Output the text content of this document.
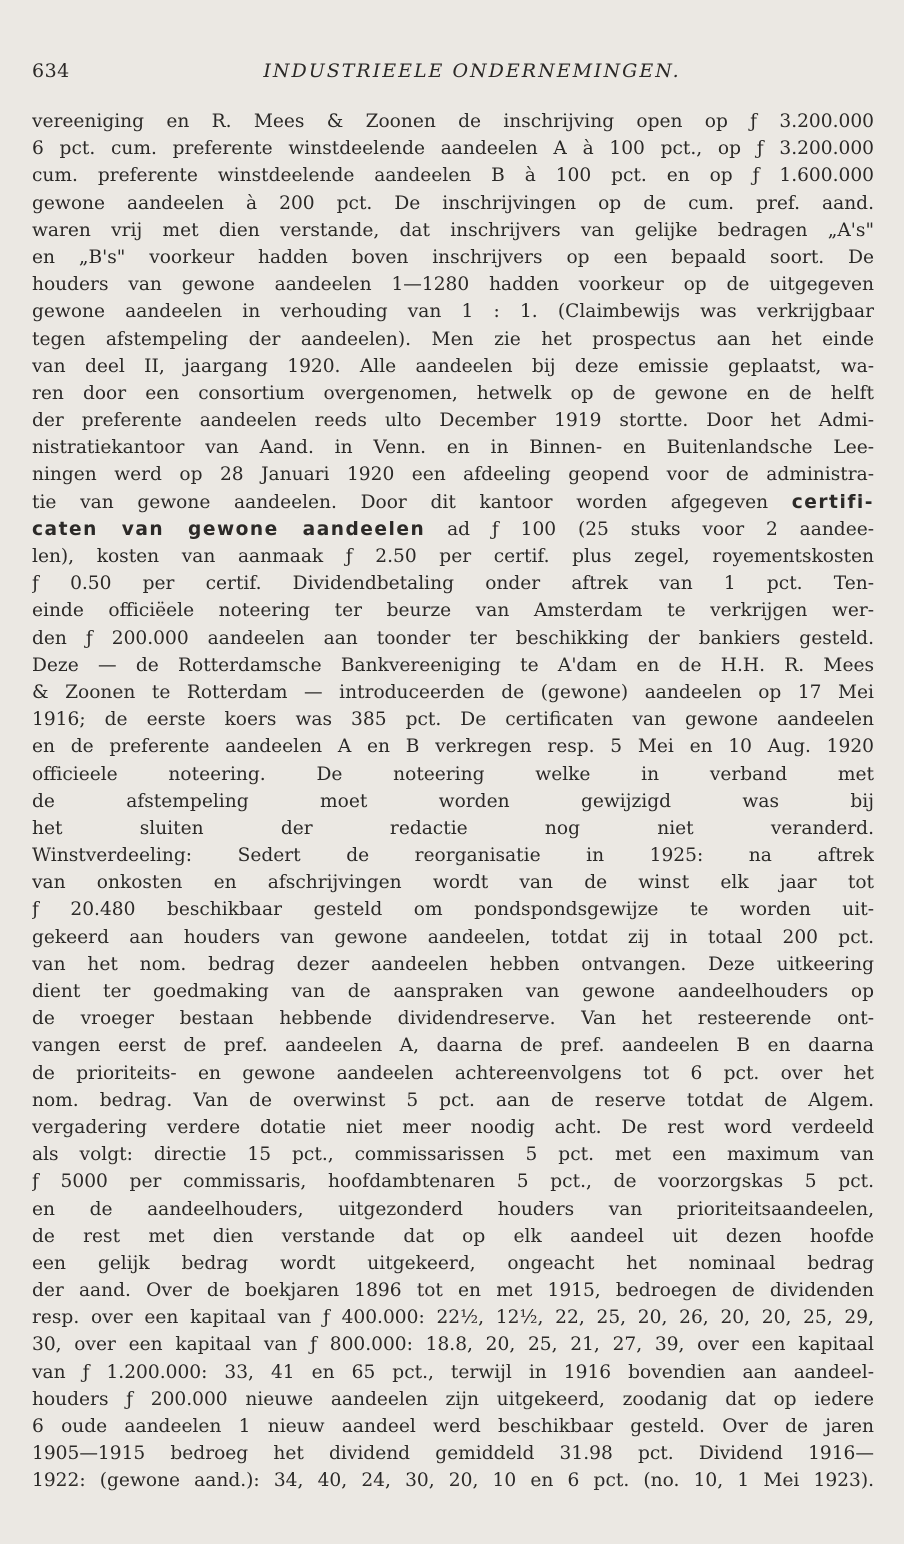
634	INDUSTRIEELE ONDERNEMINGEN.
vereeniging en R. Mees & Zoonen de inschrijving open op ƒ 3.200.000
6 pct. cum. preferente winstdeelende aandeelen A à 100 pct., op ƒ 3.200.000
cum. preferente winstdeelende aandeelen B à 100 pct. en op ƒ 1.600.000
gewone aandeelen à 200 pct. De inschrijvingen op de cum. pref. aand.
waren vrij met dien verstande, dat inschrijvers van gelijke bedragen „A's"
en „B's" voorkeur hadden boven inschrijvers op een bepaald soort. De
houders van gewone aandeelen 1—1280 hadden voorkeur op de uitgegeven
gewone aandeelen in verhouding van 1 : 1. (Claimbewijs was verkrijgbaar
tegen afstempeling der aandeelen). Men zie het prospectus aan het einde
van deel II, jaargang 1920. Alle aandeelen bij deze emissie geplaatst, wa-
ren door een consortium overgenomen, hetwelk op de gewone en de helft
der preferente aandeelen reeds ulto December 1919 stortte. Door het Admi-
nistratiekantoor van Aand. in Venn. en in Binnen- en Buitenlandsche Lee-
ningen werd op 28 Januari 1920 een afdeeling geopend voor de administra-
tie van gewone aandeelen. Door dit kantoor worden afgegeven certifi-
caten van gewone aandeelen ad ƒ 100 (25 stuks voor 2 aandee-
len), kosten van aanmaak ƒ 2.50 per certif. plus zegel, royementskosten
ƒ 0.50 per certif. Dividendbetaling onder aftrek van 1 pct. Ten-
einde officiëele noteering ter beurze van Amsterdam te verkrijgen wer-
den ƒ 200.000 aandeelen aan toonder ter beschikking der bankiers gesteld.
Deze — de Rotterdamsche Bankvereeniging te A'dam en de H.H. R. Mees
& Zoonen te Rotterdam — introduceerden de (gewone) aandeelen op 17 Mei
1916; de eerste koers was 385 pct. De certificaten van gewone aandeelen
en de preferente aandeelen A en B verkregen resp. 5 Mei en 10 Aug. 1920
officieele noteering. De noteering welke in verband met
de afstempeling moet worden gewijzigd was bij
het sluiten der redactie nog niet veranderd.
Winstverdeeling: Sedert de reorganisatie in 1925: na aftrek
van onkosten en afschrijvingen wordt van de winst elk jaar tot
ƒ 20.480 beschikbaar gesteld om pondspondsgewijze te worden uit-
gekeerd aan houders van gewone aandeelen, totdat zij in totaal 200 pct.
van het nom. bedrag dezer aandeelen hebben ontvangen. Deze uitkeering
dient ter goedmaking van de aanspraken van gewone aandeelhouders op
de vroeger bestaan hebbende dividendreserve. Van het resteerende ont-
vangen eerst de pref. aandeelen A, daarna de pref. aandeelen B en daarna
de prioriteits- en gewone aandeelen achtereenvolgens tot 6 pct. over het
nom. bedrag. Van de overwinst 5 pct. aan de reserve totdat de Algem.
vergadering verdere dotatie niet meer noodig acht. De rest word verdeeld
als volgt: directie 15 pct., commissarissen 5 pct. met een maximum van
ƒ 5000 per commissaris, hoofdambtenaren 5 pct., de voorzorgskas 5 pct.
en de aandeelhouders, uitgezonderd houders van prioriteitsaandeelen,
de rest met dien verstande dat op elk aandeel uit dezen hoofde
een gelijk bedrag wordt uitgekeerd, ongeacht het nominaal bedrag
der aand. Over de boekjaren 1896 tot en met 1915, bedroegen de dividenden
resp. over een kapitaal van ƒ 400.000: 22½, 12½, 22, 25, 20, 26, 20, 20, 25, 29,
30, over een kapitaal van ƒ 800.000: 18.8, 20, 25, 21, 27, 39, over een kapitaal
van ƒ 1.200.000: 33, 41 en 65 pct., terwijl in 1916 bovendien aan aandeel-
houders ƒ 200.000 nieuwe aandeelen zijn uitgekeerd, zoodanig dat op iedere
6 oude aandeelen 1 nieuw aandeel werd beschikbaar gesteld. Over de jaren
1905—1915 bedroeg het dividend gemiddeld 31.98 pct. Dividend 1916—
1922: (gewone aand.): 34, 40, 24, 30, 20, 10 en 6 pct. (no. 10, 1 Mei 1923).
